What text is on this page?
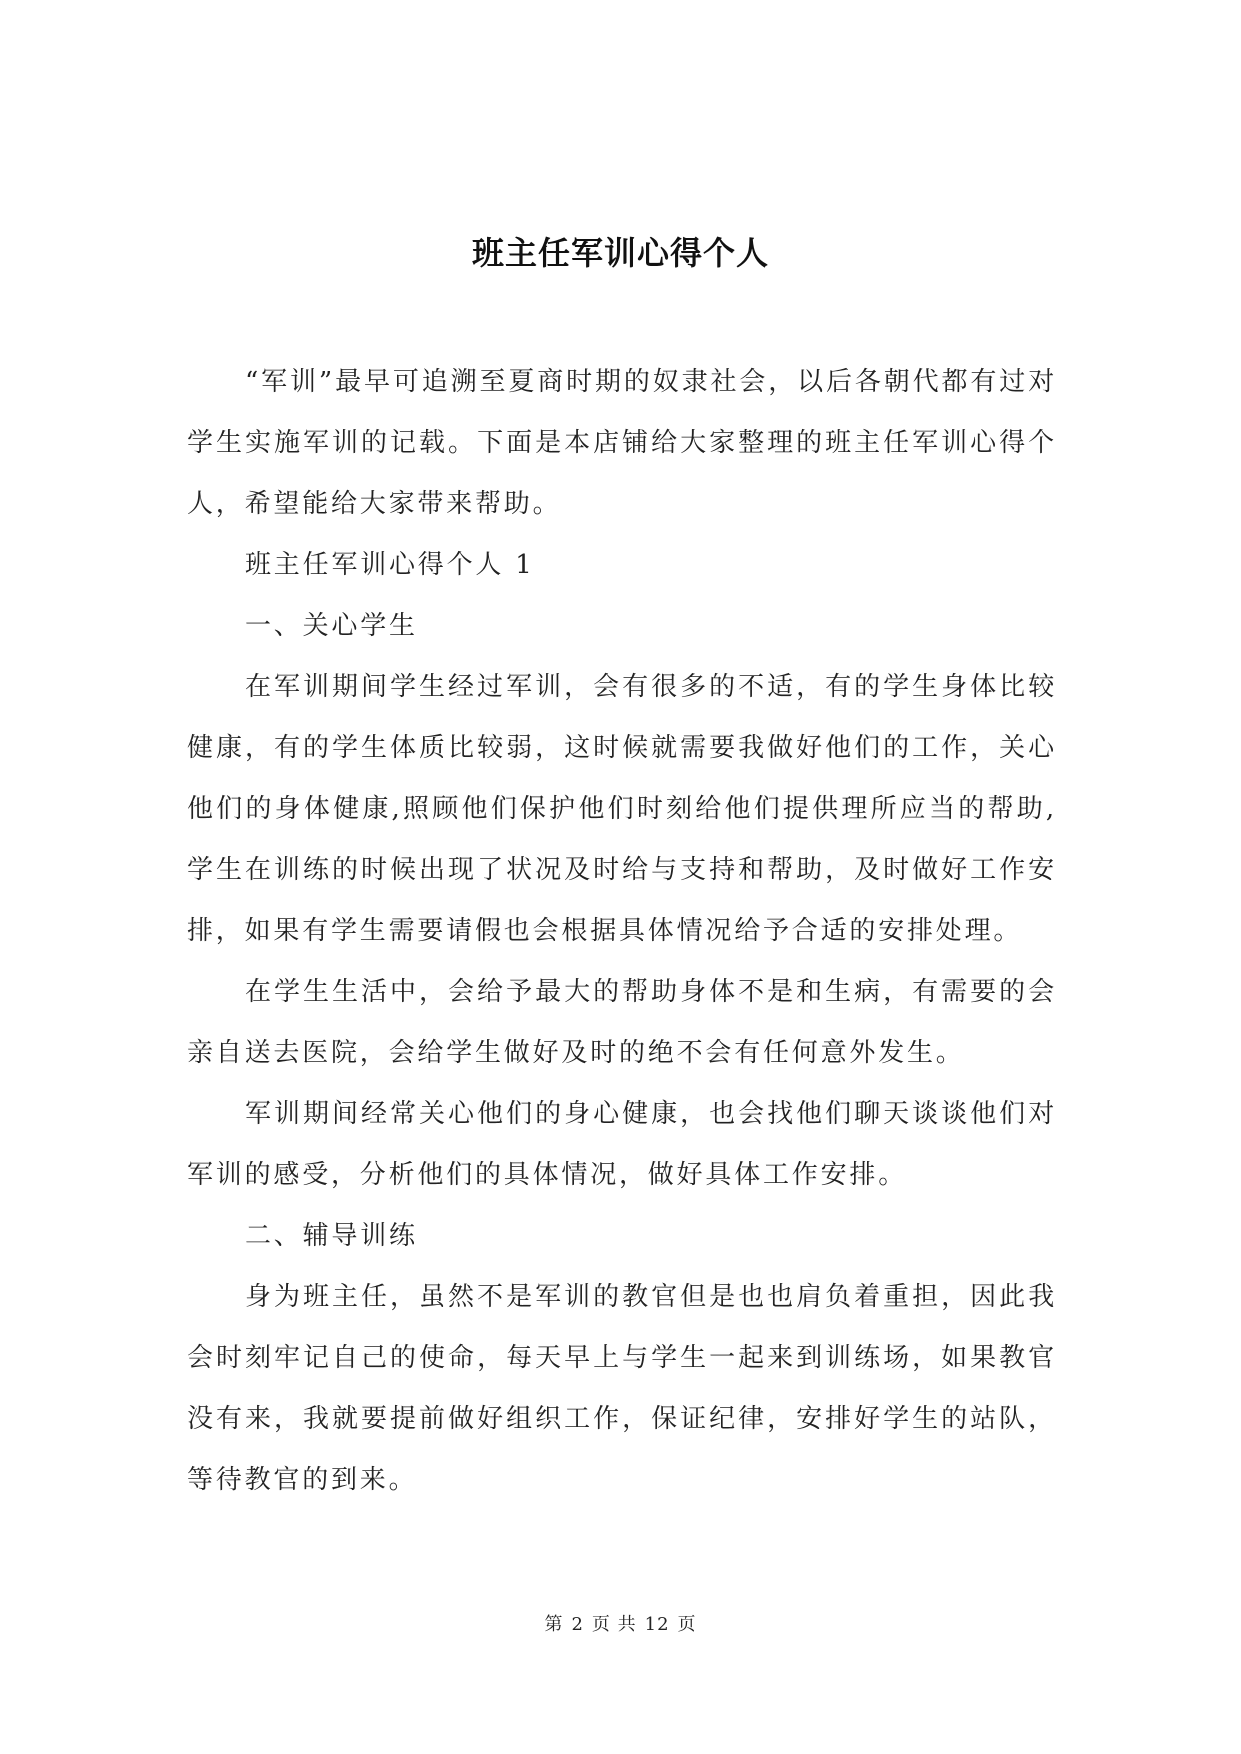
班主任军训心得个人

“军训”最早可追溯至夏商时期的奴隶社会，以后各朝代都有过对学生实施军训的记载。下面是本店铺给大家整理的班主任军训心得个人，希望能给大家带来帮助。

班主任军训心得个人 1

一、关心学生

在军训期间学生经过军训，会有很多的不适，有的学生身体比较健康，有的学生体质比较弱，这时候就需要我做好他们的工作，关心他们的身体健康,照顾他们保护他们时刻给他们提供理所应当的帮助,学生在训练的时候出现了状况及时给与支持和帮助，及时做好工作安排，如果有学生需要请假也会根据具体情况给予合适的安排处理。

在学生生活中，会给予最大的帮助身体不是和生病，有需要的会亲自送去医院，会给学生做好及时的绝不会有任何意外发生。

军训期间经常关心他们的身心健康，也会找他们聊天谈谈他们对军训的感受，分析他们的具体情况，做好具体工作安排。

二、辅导训练

身为班主任，虽然不是军训的教官但是也也肩负着重担，因此我会时刻牢记自己的使命，每天早上与学生一起来到训练场，如果教官没有来，我就要提前做好组织工作，保证纪律，安排好学生的站队，等待教官的到来。

第 2 页 共 12 页
